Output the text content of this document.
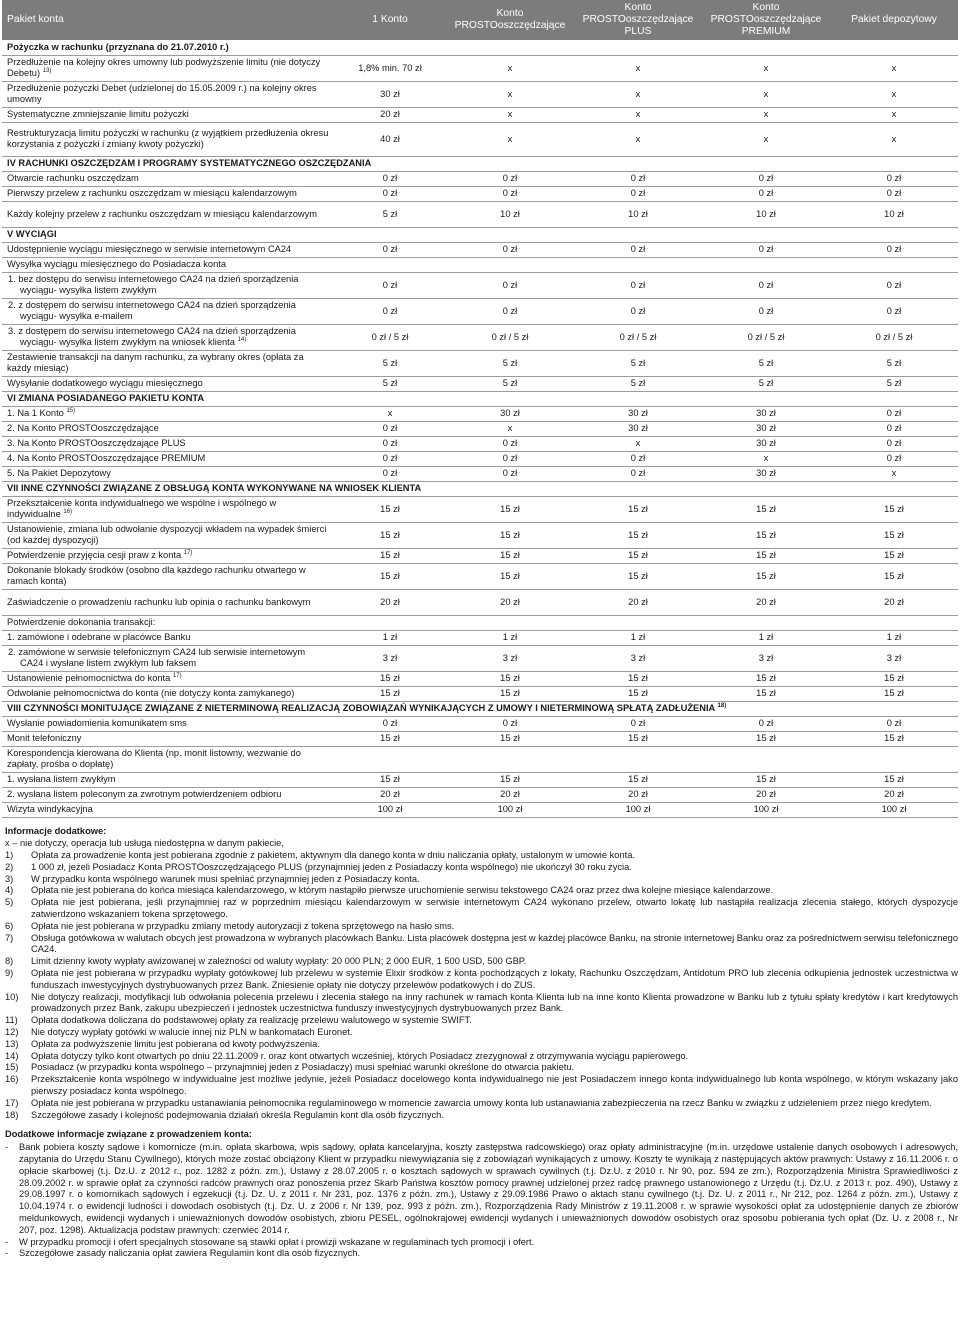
Pakiet konta	1 Konto	Konto PROSTOoszczędzające	Konto PROSTOoszczędzające PLUS	Konto PROSTOoszczędzające PREMIUM	Pakiet depozytowy
Pożyczka w rachunku (przyznana do 21.07.2010 r.)					
Przedłużenie na kolejny okres umowny lub podwyższenie limitu (nie dotyczy Debetu) $^{13)}$	1,8% min. 70 zł	x	x	x	x
Przedłużenie pożyczki Debet (udzielonej do 15.05.2009 r.) na kolejny okres umowny	30 zł	x	x	x	x
Systematyczne zmniejszanie limitu pożyczki	20 zł	x	x	x	x
Restrukturyzacja limitu pożyczki w rachunku (z wyjątkiem przedłużenia okresu korzystania z pożyczki i zmiany kwoty pożyczki)	40 zł	x	x	x	x
IV RACHUNKI OSZCZĘDZAM I PROGRAMY SYSTEMATYCZNEGO OSZCZĘDZANIA					
Otwarcie rachunku oszczędzam	0 zł	0 zł	0 zł	0 zł	0 zł
Pierwszy przelew z rachunku oszczędzam w miesiącu kalendarzowym	0 zł	0 zł	0 zł	0 zł	0 zł
Każdy kolejny przelew z rachunku oszczędzam w miesiącu kalendarzowym	5 zł	10 zł	10 zł	10 zł	10 zł
V WYCIĄGI					
Udostępnienie wyciągu miesięcznego w serwisie internetowym CA24	0 zł	0 zł	0 zł	0 zł	0 zł
Wysyłka wyciągu miesięcznego do Posiadacza konta					
1. bez dostępu do serwisu internetowego CA24 na dzień sporządzenia wyciągu- wysyłka listem zwykłym	0 zł	0 zł	0 zł	0 zł	0 zł
2. z dostępem do serwisu internetowego CA24 na dzień sporządzenia wyciągu- wysyłka e-mailem	0 zł	0 zł	0 zł	0 zł	0 zł
3. z dostępem do serwisu internetowego CA24 na dzień sporządzenia wyciągu- wysyłka listem zwykłym na wniosek klienta $^{14)}$	0 zł / 5 zł	0 zł / 5 zł	0 zł / 5 zł	0 zł / 5 zł	0 zł / 5 zł
Zestawienie transakcji na danym rachunku, za wybrany okres (opłata za każdy miesiąc)	5 zł	5 zł	5 zł	5 zł	5 zł
Wysyłanie dodatkowego wyciągu miesięcznego	5 zł	5 zł	5 zł	5 zł	5 zł
VI ZMIANA POSIADANEGO PAKIETU KONTA					
1. Na 1 Konto $^{15)}$	x	30 zł	30 zł	30 zł	0 zł
2. Na Konto PROSTOoszczędzające	0 zł	x	30 zł	30 zł	0 zł
3. Na Konto PROSTOoszczędzające PLUS	0 zł	0 zł	x	30 zł	0 zł
4. Na Konto PROSTOoszczędzające PREMIUM	0 zł	0 zł	0 zł	x	0 zł
5. Na Pakiet Depozytowy	0 zł	0 zł	0 zł	30 zł	x
VII INNE CZYNNOŚCI ZWIĄZANE Z OBSŁUGĄ KONTA WYKONYWANE NA WNIOSEK KLIENTA					
Przekształcenie konta indywidualnego we wspólne i wspólnego w indywidualne $^{16)}$	15 zł	15 zł	15 zł	15 zł	15 zł
Ustanowienie, zmiana lub odwołanie dyspozycji wkładem na wypadek śmierci (od każdej dyspozycji)	15 zł	15 zł	15 zł	15 zł	15 zł
Potwierdzenie przyjęcia cesji praw z konta $^{17)}$	15 zł	15 zł	15 zł	15 zł	15 zł
Dokonanie blokady środków (osobno dla każdego rachunku otwartego w ramach konta)	15 zł	15 zł	15 zł	15 zł	15 zł
Zaświadczenie o prowadzeniu rachunku lub opinia o rachunku bankowym	20 zł	20 zł	20 zł	20 zł	20 zł
Potwierdzenie dokonania transakcji:					
1. zamówione i odebrane w placówce Banku	1 zł	1 zł	1 zł	1 zł	1 zł
2. zamówione w serwisie telefonicznym CA24 lub serwisie internetowym CA24 i wysłane listem zwykłym lub faksem	3 zł	3 zł	3 zł	3 zł	3 zł
Ustanowienie pełnomocnictwa do konta $^{17)}$	15 zł	15 zł	15 zł	15 zł	15 zł
Odwołanie pełnomocnictwa do konta (nie dotyczy konta zamykanego)	15 zł	15 zł	15 zł	15 zł	15 zł
VIII CZYNNOŚCI MONITUJĄCE ZWIĄZANE Z NIETERMINOWĄ REALIZACJĄ ZOBOWIĄZAŃ WYNIKAJĄCYCH Z UMOWY I NIETERMINOWĄ SPŁATĄ ZADŁUŻENIA $^{18)}$
Wysłanie powiadomienia komunikatem sms	0 zł	0 zł	0 zł	0 zł	0 zł
Monit telefoniczny	15 zł	15 zł	15 zł	15 zł	15 zł
Korespondencja kierowana do Klienta (np. monit listowny, wezwanie do zapłaty, prośba o dopłatę)					
1. wysłana listem zwykłym	15 zł	15 zł	15 zł	15 zł	15 zł
2. wysłana listem poleconym za zwrotnym potwierdzeniem odbioru	20 zł	20 zł	20 zł	20 zł	20 zł
Wizyta windykacyjna	100 zł	100 zł	100 zł	100 zł	100 zł
Informacje dodatkowe:
x – nie dotyczy, operacja lub usługa niedostępna w danym pakiecie,
1)	Opłata za prowadzenie konta jest pobierana zgodnie z pakietem, aktywnym dla danego konta w dniu naliczania opłaty, ustalonym w umowie konta.
2)	1 000 zł, jeżeli Posiadacz Konta PROSTOoszczędzającego PLUS (przynajmniej jeden z Posiadaczy konta wspólnego) nie ukończył 30 roku życia.
3)	W przypadku konta wspólnego warunek musi spełniać przynajmniej jeden z Posiadaczy konta.
4)	Opłata nie jest pobierana do końca miesiąca kalendarzowego, w którym nastąpiło pierwsze uruchomienie serwisu tekstowego CA24 oraz przez dwa kolejne miesiące kalendarzowe.
5)	Opłata nie jest pobierana, jeśli przynajmniej raz w poprzednim miesiącu kalendarzowym w serwisie internetowym CA24 wykonano przelew, otwarto lokatę lub nastąpiła realizacja zlecenia stałego, których dyspozycje zatwierdzono wskazaniem tokena sprzętowego.
6)	Opłata nie jest pobierana w przypadku zmiany metody autoryzacji z tokena sprzętowego na hasło sms.
7)	Obsługa gotówkowa w walutach obcych jest prowadzona w wybranych placówkach Banku. Lista placówek dostępna jest w każdej placówce Banku, na stronie internetowej Banku oraz za pośrednictwem serwisu telefonicznego CA24.
8)	Limit dzienny kwoty wypłaty awizowanej w zależności od waluty wypłaty: 20 000 PLN; 2 000 EUR, 1 500 USD, 500 GBP.
9)	Opłata nie jest pobierana w przypadku wypłaty gotówkowej lub przelewu w systemie Elixir środków z konta pochodzących z lokaty, Rachunku Oszczędzam, Antidotum PRO lub zlecenia odkupienia jednostek uczestnictwa w funduszach inwestycyjnych dystrybuowanych przez Bank. Zniesienie opłaty nie dotyczy przelewów podatkowych i do ZUS.
10)	Nie dotyczy realizacji, modyfikacji lub odwołania polecenia przelewu i zlecenia stałego na inny rachunek w ramach konta Klienta lub na inne konto Klienta prowadzone w Banku lub z tytułu spłaty kredytów i kart kredytowych prowadzonych przez Bank, zakupu ubezpieczeń i jednostek uczestnictwa funduszy inwestycyjnych dystrybuowanych przez Bank.
11)	Opłata dodatkowa doliczana do podstawowej opłaty za realizację przelewu walutowego w systemie SWIFT.
12)	Nie dotyczy wypłaty gotówki w walucie innej niż PLN w bankomatach Euronet.
13)	Opłata za podwyższenie limitu jest pobierana od kwoty podwyższenia.
14)	Opłata dotyczy tylko kont otwartych po dniu 22.11.2009 r. oraz kont otwartych wcześniej, których Posiadacz zrezygnował z otrzymywania wyciągu papierowego.
15)	Posiadacz (w przypadku konta wspólnego – przynajmniej jeden z Posiadaczy) musi spełniać warunki określone do otwarcia pakietu.
16)	Przekształcenie konta wspólnego w indywidualne jest możliwe jedynie, jeżeli Posiadacz docelowego konta indywidualnego nie jest Posiadaczem innego konta indywidualnego lub konta wspólnego, w którym wskazany jako pierwszy posiadacz konta wspólnego.
17)	Opłata nie jest pobierana w przypadku ustanawiania pełnomocnika regulaminowego w momencie zawarcia umowy konta lub ustanawiania zabezpieczenia na rzecz Banku w związku z udzieleniem przez niego kredytem.
18)	Szczegółowe zasady i kolejność podejmowania działań określa Regulamin kont dla osób fizycznych.
Dodatkowe informacje związane z prowadzeniem konta:
-	Bank pobiera koszty sądowe i komornicze (m.in. opłata skarbowa, wpis sądowy, opłata kancelaryjna, koszty zastępstwa radcowskiego) oraz opłaty administracyjne (m.in. urzędowe ustalenie danych osobowych i adresowych, zapytania do Urzędu Stanu Cywilnego), których może zostać obciążony Klient w przypadku niewywiązania się z zobowiązań wynikających z umowy. Koszty te wynikają z następujących aktów prawnych: Ustawy z 16.11.2006 r. o opłacie skarbowej (t.j. Dz.U. z 2012 r., poz. 1282 z późn. zm.), Ustawy z 28.07.2005 r. o kosztach sądowych w sprawach cywilnych (t.j. Dz.U. z 2010 r. Nr 90, poz. 594 ze zm.), Rozporządzenia Ministra Sprawiedliwości z 28.09.2002 r. w sprawie opłat za czynności radców prawnych oraz ponoszenia przez Skarb Państwa kosztów pomocy prawnej udzielonej przez radcę prawnego ustanowionego z Urzędu (t.j. Dz.U. z 2013 r. poz. 490), Ustawy z 29.08.1997 r. o komornikach sądowych i egzekucji (t.j. Dz. U. z 2011 r. Nr 231, poz. 1376 z późn. zm.), Ustawy z 29.09.1986 Prawo o aktach stanu cywilnego (t.j. Dz. U. z 2011 r., Nr 212, poz. 1264 z późn. zm.), Ustawy z 10.04.1974 r. o ewidencji ludności i dowodach osobistych (t.j. Dz. U. z 2006 r. Nr 139, poz. 993 z późn. zm.), Rozporządzenia Rady Ministrów z 19.11.2008 r. w sprawie wysokości opłat za udostępnienie danych ze zbiorów meldunkowych, ewidencji wydanych i unieważnionych dowodów osobistych, zbioru PESEL, ogólnokrajowej ewidencji wydanych i unieważnionych dowodów osobistych oraz sposobu pobierania tych opłat (Dz. U. z 2008 r., Nr 207, poz. 1298). Aktualizacja podstaw prawnych: czerwiec 2014 r.
-	W przypadku promocji i ofert specjalnych stosowane są stawki opłat i prowizji wskazane w regulaminach tych promocji i ofert.
-	Szczegółowe zasady naliczania opłat zawiera Regulamin kont dla osób fizycznych.
